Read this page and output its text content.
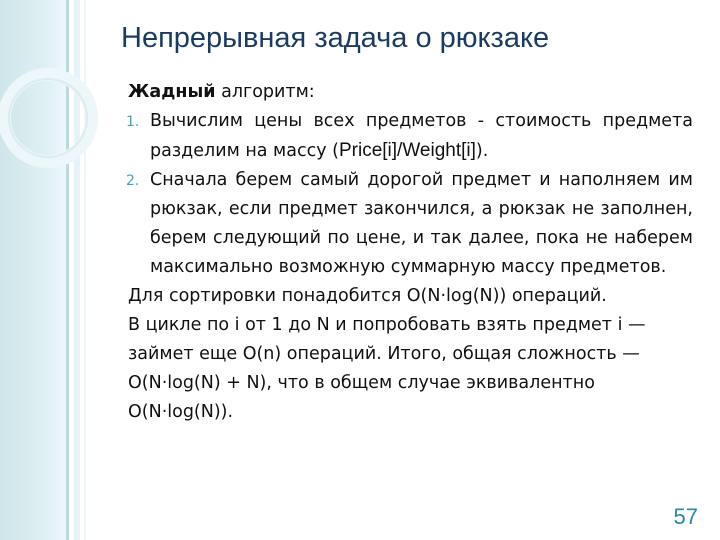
Непрерывная задача о рюкзаке

Жадный алгоритм:

1. Вычислим цены всех предметов - стоимость предмета разделим на массу (Price[i]/Weight[i]).
2. Сначала берем самый дорогой предмет и наполняем им рюкзак, если предмет закончился, а рюкзак не заполнен, берем следующий по цене, и так далее, пока не наберем максимально возможную суммарную массу предметов.

Для сортировки понадобится O(N·log(N)) операций.

В цикле по i от 1 до N и попробовать взять предмет i — займет еще O(n) операций. Итого, общая сложность — O(N·log(N) + N), что в общем случае эквивалентно O(N·log(N)).

57
